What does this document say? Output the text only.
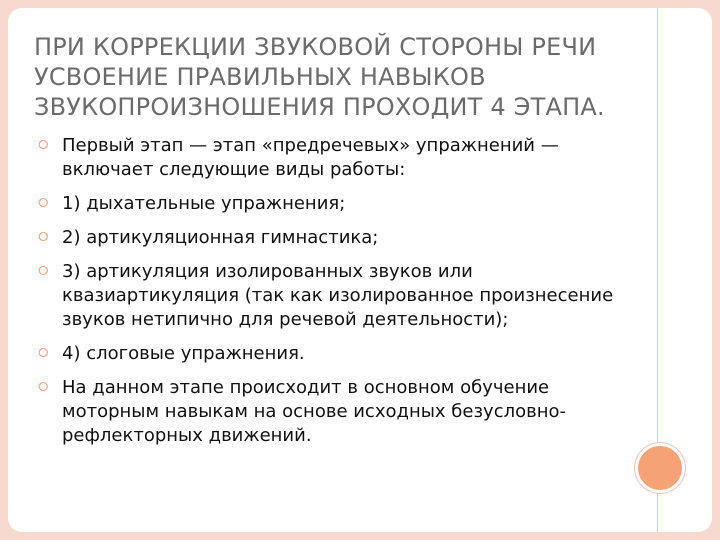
ПРИ КОРРЕКЦИИ ЗВУКОВОЙ СТОРОНЫ РЕЧИ УСВОЕНИЕ ПРАВИЛЬНЫХ НАВЫКОВ ЗВУКОПРОИЗНОШЕНИЯ ПРОХОДИТ 4 ЭТАПА.
⭘ Первый этап — этап «предречевых» упражнений — включает следующие виды работы:
⭘ 1) дыхательные упражнения;
⭘ 2) артикуляционная гимнастика;
⭘ 3) артикуляция изолированных звуков или квазиартикуляция (так как изолированное произнесение звуков нетипично для речевой деятельности);
⭘ 4) слоговые упражнения.
⭘ На данном этапе происходит в основном обучение моторным навыкам на основе исходных безусловно-рефлекторных движений.
